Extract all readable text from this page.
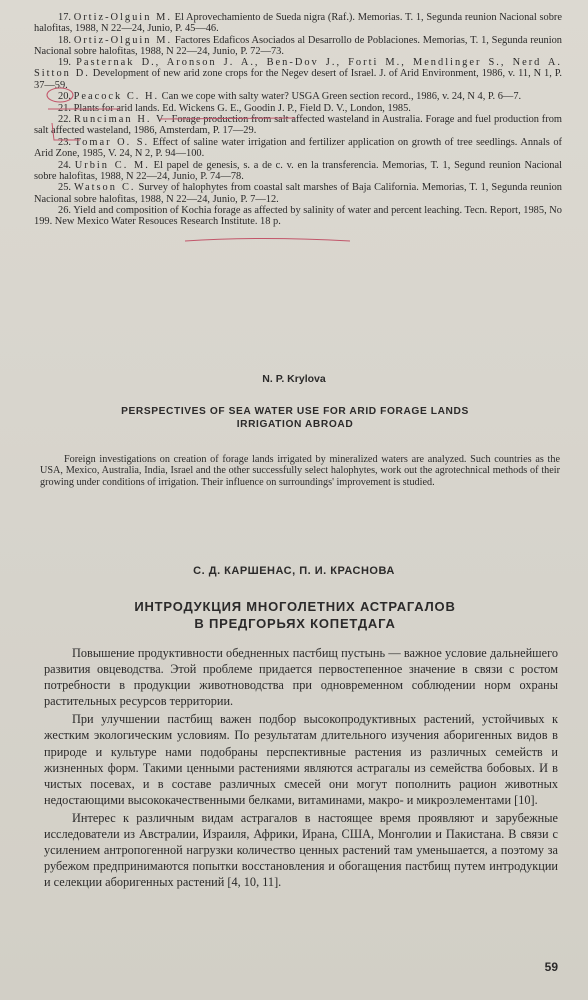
17. Ortiz-Olguin M. El Aprovechamiento de Sueda nigra (Raf.). Memorias. T. 1, Segunda reunion Nacional sobre halofitas, 1988, N 22—24, Junio, P. 45—46.

18. Ortiz-Olguin M. Factores Edaficos Asociados al Desarrollo de Poblaciones. Memorias, T. 1, Segunda reunion Nacional sobre halofitas, 1988, N 22—24, Junio, P. 72—73.

19. Pasternak D., Aronson J. A., Ben-Dov J., Forti M., Mendlinger S., Nerd A. Sitton D. Development of new arid zone crops for the Negev desert of Israel. J. of Arid Environment, 1986, v. 11, N 1, P. 37—59.

20. Peacock C. H. Can we cope with salty water? USGA Green section record., 1986, v. 24, N 4, P. 6—7.

21. Plants for arid lands. Ed. Wickens G. E., Goodin J. P., Field D. V., London, 1985.

22. Runciman H. V. Forage production from salt affected wasteland in Australia. Forage and fuel production from salt affected wasteland, 1986, Amsterdam, P. 17—29.

23. Tomar O. S. Effect of saline water irrigation and fertilizer application on growth of tree seedlings. Annals of Arid Zone, 1985, V. 24, N 2, P. 94—100.

24. Urbin C. M. El papel de genesis, s. a de c. v. en la transferencia. Memorias, T. 1, Segund reunion Nacional sobre halofitas, 1988, N 22—24, Junio, P. 74—78.

25. Watson C. Survey of halophytes from coastal salt marshes of Baja California. Memorias, T. 1, Segunda reunion Nacional sobre halofitas, 1988, N 22—24, Junio, P. 7—12.

26. Yield and composition of Kochia forage as affected by salinity of water and percent leaching. Tecn. Report, 1985, No 199. New Mexico Water Resouces Research Institute. 18 p.

N. P. Krylova
PERSPECTIVES OF SEA WATER USE FOR ARID FORAGE LANDS
IRRIGATION ABROAD

Foreign investigations on creation of forage lands irrigated by mineralized waters are analyzed. Such countries as the USA, Mexico, Australia, India, Israel and the other successfully select halophytes, work out the agrotechnical methods of their growing under conditions of irrigation. Their influence on surroundings' improvement is studied.

С. Д. КАРШЕНАС, П. И. КРАСНОВА
ИНТРОДУКЦИЯ МНОГОЛЕТНИХ АСТРАГАЛОВ
В ПРЕДГОРЬЯХ КОПЕТДАГА

Повышение продуктивности обедненных пастбищ пустынь — важное условие дальнейшего развития овцеводства. Этой проблеме придается первостепенное значение в связи с ростом потребности в продукции животноводства при одновременном соблюдении норм охраны растительных ресурсов территории.

При улучшении пастбищ важен подбор высокопродуктивных растений, устойчивых к жестким экологическим условиям. По результатам длительного изучения аборигенных видов в природе и культуре нами подобраны перспективные растения из различных семейств и жизненных форм. Такими ценными растениями являются астрагалы из семейства бобовых. И в чистых посевах, и в составе различных смесей они могут пополнить рацион животных недостающими высококачественными белками, витаминами, макро- и микроэлементами [10].

Интерес к различным видам астрагалов в настоящее время проявляют и зарубежные исследователи из Австралии, Израиля, Африки, Ирана, США, Монголии и Пакистана. В связи с усилением антропогенной нагрузки количество ценных растений там уменьшается, а поэтому за рубежом предпринимаются попытки восстановления и обогащения пастбищ путем интродукции и селекции аборигенных растений [4, 10, 11].

59
